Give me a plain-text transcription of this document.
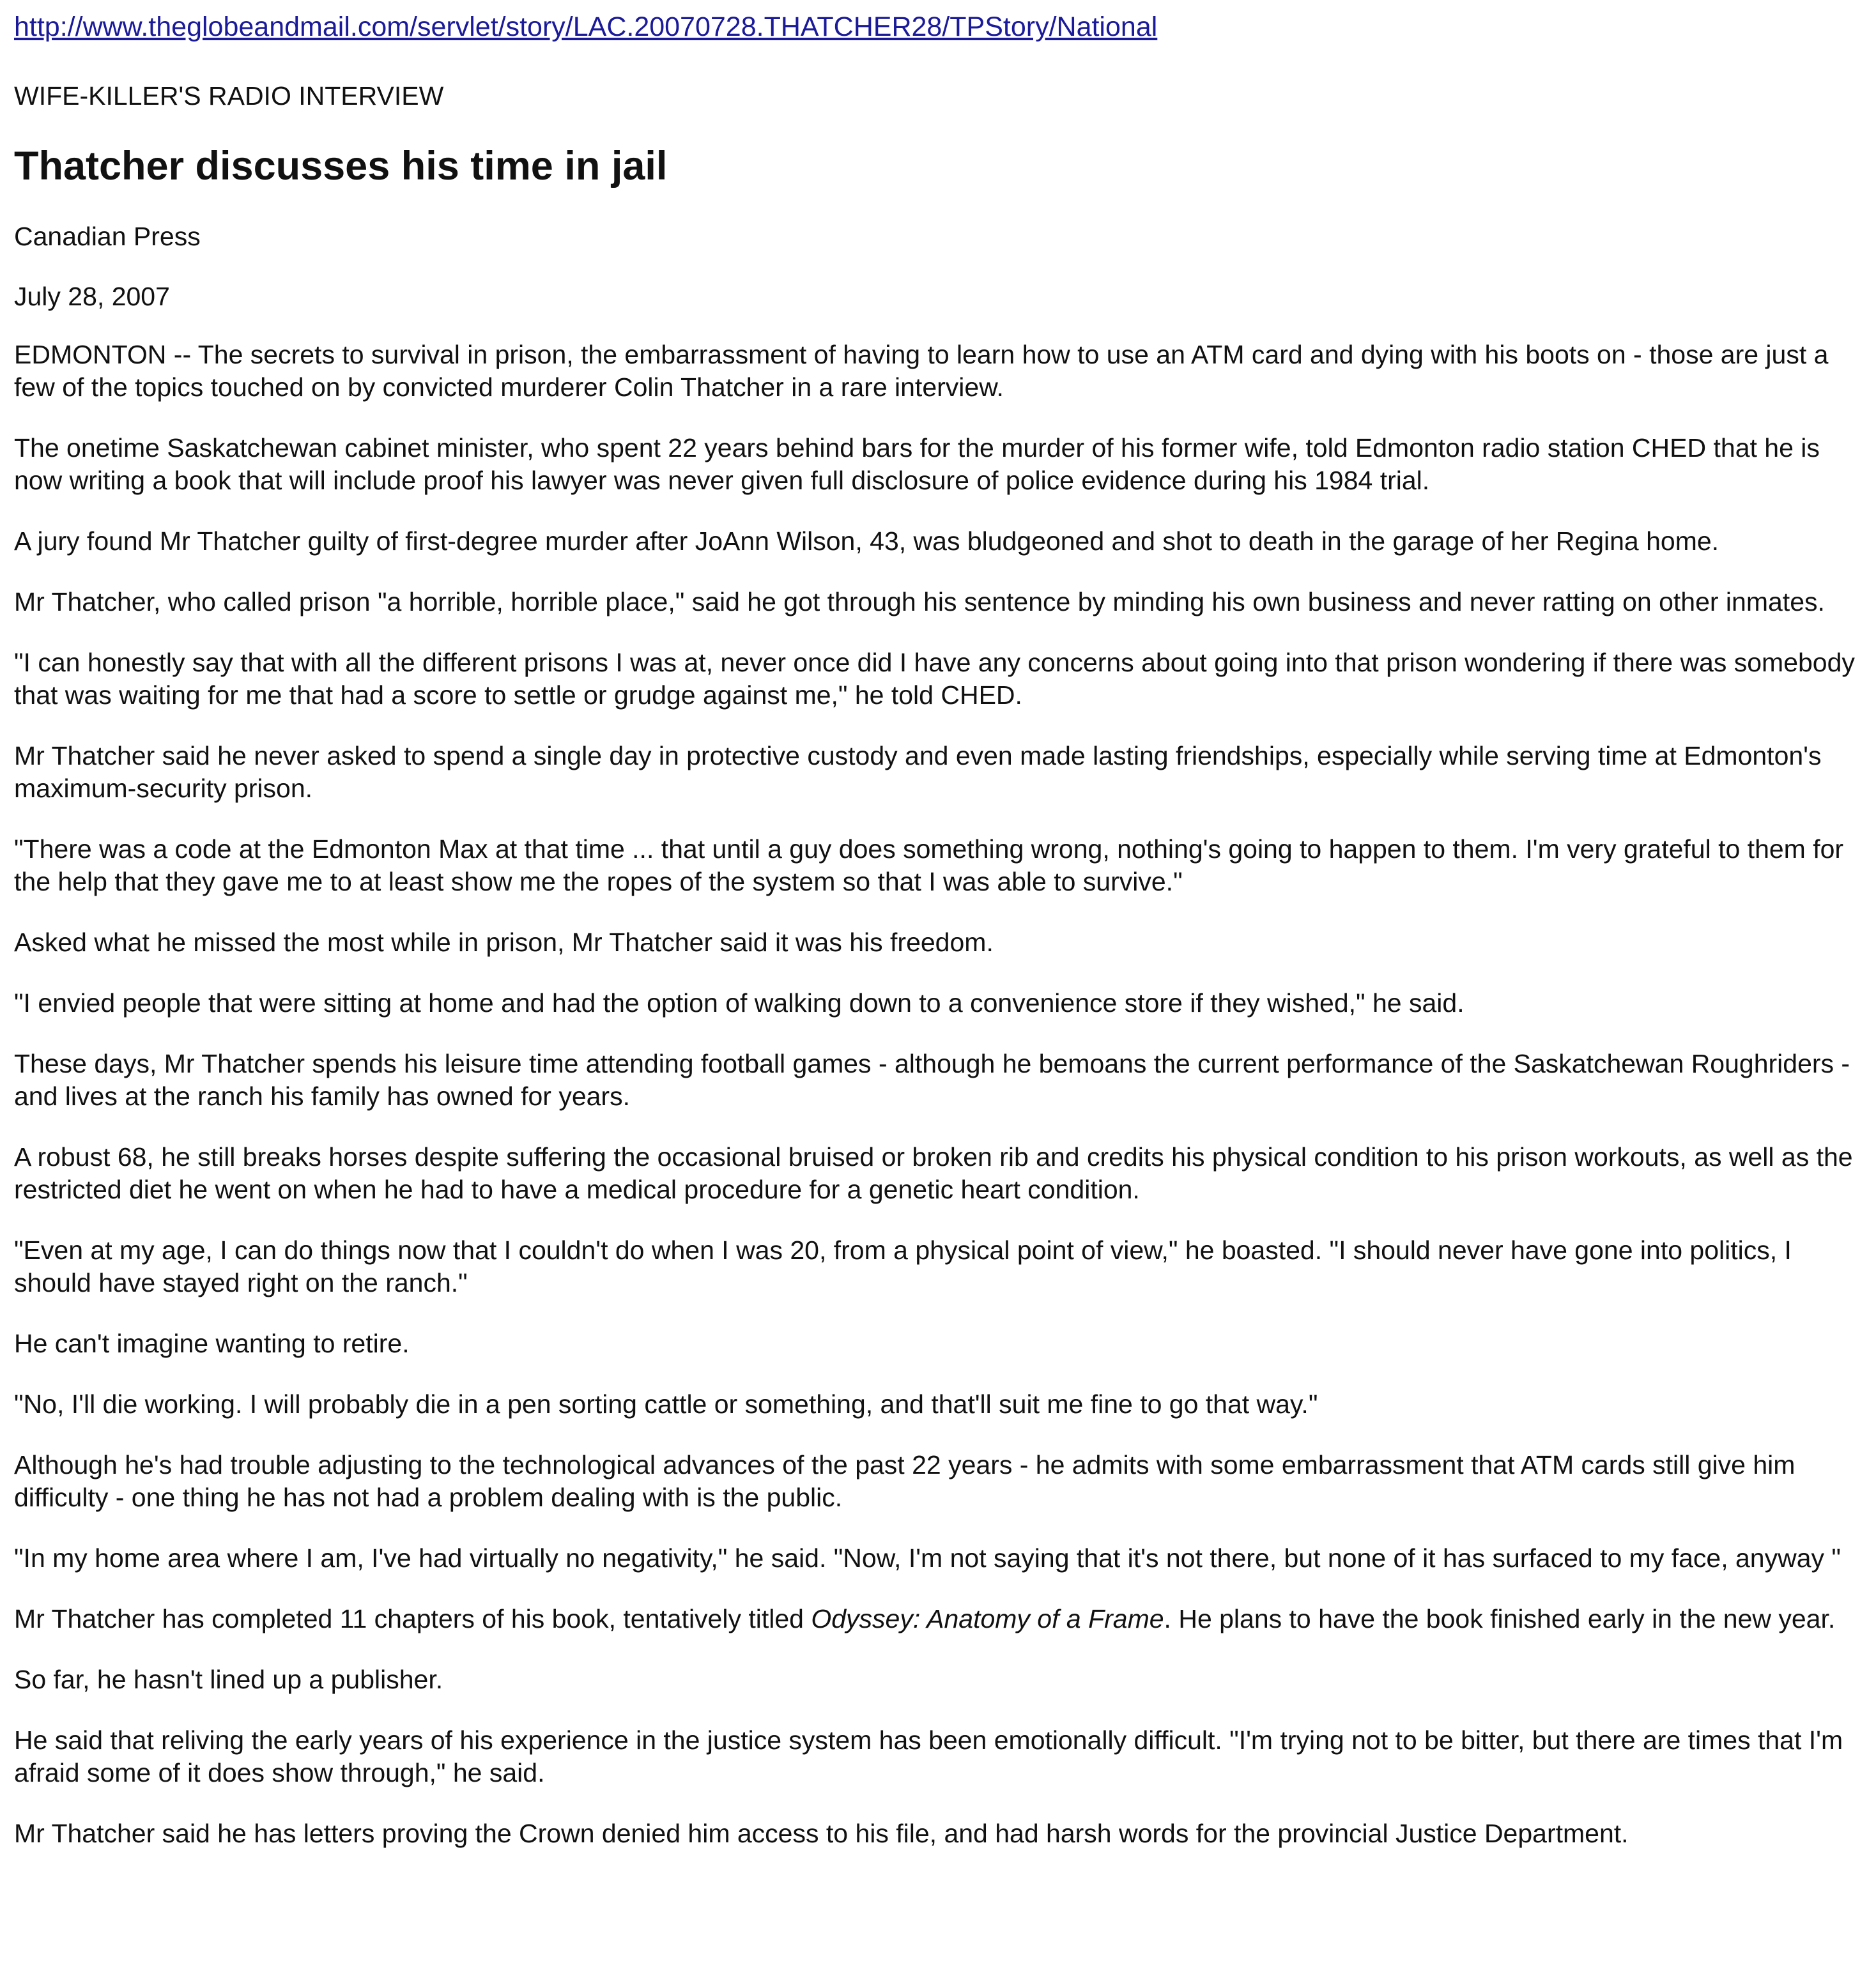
http://www.theglobeandmail.com/servlet/story/LAC.20070728.THATCHER28/TPStory/National
WIFE-KILLER'S RADIO INTERVIEW
Thatcher discusses his time in jail
Canadian Press
July 28, 2007

EDMONTON -- The secrets to survival in prison, the embarrassment of having to learn how to use an ATM card and dying with his boots on - those are just a few of the topics touched on by convicted murderer Colin Thatcher in a rare interview.

The onetime Saskatchewan cabinet minister, who spent 22 years behind bars for the murder of his former wife, told Edmonton radio station CHED that he is now writing a book that will include proof his lawyer was never given full disclosure of police evidence during his 1984 trial.

A jury found Mr Thatcher guilty of first-degree murder after JoAnn Wilson, 43, was bludgeoned and shot to death in the garage of her Regina home.

Mr Thatcher, who called prison "a horrible, horrible place," said he got through his sentence by minding his own business and never ratting on other inmates.

"I can honestly say that with all the different prisons I was at, never once did I have any concerns about going into that prison wondering if there was somebody that was waiting for me that had a score to settle or grudge against me," he told CHED.

Mr Thatcher said he never asked to spend a single day in protective custody and even made lasting friendships, especially while serving time at Edmonton's maximum-security prison.

"There was a code at the Edmonton Max at that time ... that until a guy does something wrong, nothing's going to happen to them. I'm very grateful to them for the help that they gave me to at least show me the ropes of the system so that I was able to survive."

Asked what he missed the most while in prison, Mr Thatcher said it was his freedom.

"I envied people that were sitting at home and had the option of walking down to a convenience store if they wished," he said.

These days, Mr Thatcher spends his leisure time attending football games - although he bemoans the current performance of the Saskatchewan Roughriders - and lives at the ranch his family has owned for years.

A robust 68, he still breaks horses despite suffering the occasional bruised or broken rib and credits his physical condition to his prison workouts, as well as the restricted diet he went on when he had to have a medical procedure for a genetic heart condition.

"Even at my age, I can do things now that I couldn't do when I was 20, from a physical point of view," he boasted. "I should never have gone into politics, I should have stayed right on the ranch."

He can't imagine wanting to retire.

"No, I'll die working. I will probably die in a pen sorting cattle or something, and that'll suit me fine to go that way."

Although he's had trouble adjusting to the technological advances of the past 22 years - he admits with some embarrassment that ATM cards still give him difficulty - one thing he has not had a problem dealing with is the public.

"In my home area where I am, I've had virtually no negativity," he said. "Now, I'm not saying that it's not there, but none of it has surfaced to my face, anyway "

Mr Thatcher has completed 11 chapters of his book, tentatively titled Odyssey: Anatomy of a Frame. He plans to have the book finished early in the new year.

So far, he hasn't lined up a publisher.

He said that reliving the early years of his experience in the justice system has been emotionally difficult. "I'm trying not to be bitter, but there are times that I'm afraid some of it does show through," he said.

Mr Thatcher said he has letters proving the Crown denied him access to his file, and had harsh words for the provincial Justice Department.
